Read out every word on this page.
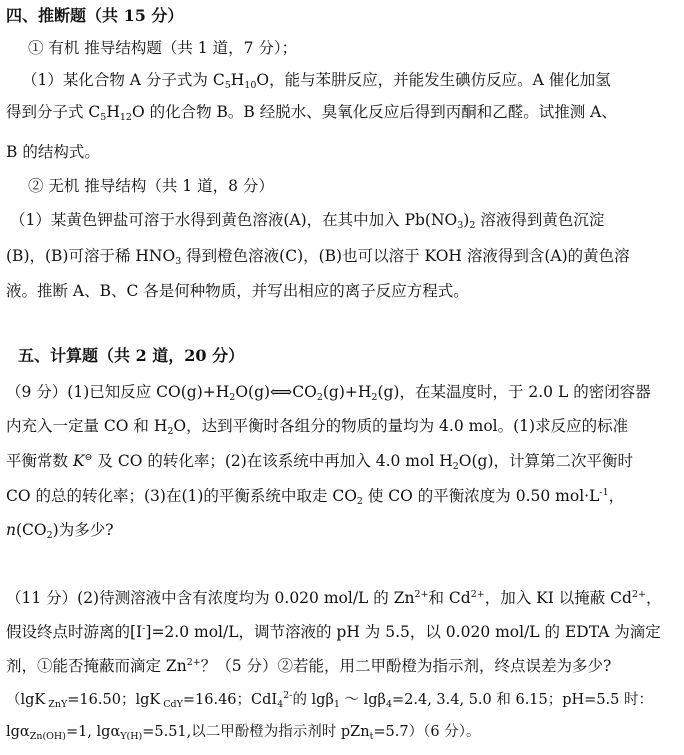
四、推断题（共 15 分）
① 有机 推导结构题（共 1 道，7 分）；
（1）某化合物 A 分子式为 $C_5H_{10}O$，能与苯肼反应，并能发生碘仿反应。A 催化加氢
得到分子式 $C_5H_{12}O$ 的化合物 B。B 经脱水、臭氧化反应后得到丙酮和乙醛。试推测 A、
B 的结构式。
② 无机 推导结构（共 1 道，8 分）
（1）某黄色钾盐可溶于水得到黄色溶液(A)，在其中加入 $Pb(NO_3)_2$ 溶液得到黄色沉淀
(B)，(B)可溶于稀 $HNO_3$ 得到橙色溶液(C)，(B)也可以溶于 KOH 溶液得到含(A)的黄色溶
液。推断 A、B、C 各是何种物质，并写出相应的离子反应方程式。
五、计算题（共 2 道，20 分）
（9 分）(1)已知反应 $CO(g)+H_2O(g)⟺CO_2(g)+H_2(g)$，在某温度时，于 2.0 L 的密闭容器
内充入一定量 CO 和 $H_2O$，达到平衡时各组分的物质的量均为 4.0 mol。(1)求反应的标准
平衡常数 K⊖ 及 CO 的转化率；(2)在该系统中再加入 4.0 mol $H_2O(g)$，计算第二次平衡时
CO 的总的转化率；(3)在(1)的平衡系统中取走 $CO_2$ 使 CO 的平衡浓度为 0.50 $mol\cdot L^{-1}$，
$n(CO_2)$为多少?
（11 分）(2)待测溶液中含有浓度均为 0.020 mol/L 的 $Zn^{2+}$和 $Cd^{2+}$，加入 KI 以掩蔽 $Cd^{2+}$，
假设终点时游离的[I-]=2.0 mol/L，调节溶液的 pH 为 5.5，以 0.020 mol/L 的 EDTA 为滴定
剂，①能否掩蔽而滴定 $Zn^{2+}$？（5 分）②若能，用二甲酚橙为指示剂，终点误差为多少?
（lgK $_{ZnY}$=16.50；lgK $_{CdY}$=16.46；CdI$_4^{2-}$的 lgβ$_1$ ～ lgβ$_4$=2.4, 3.4, 5.0 和 6.15；pH=5.5 时：
lgα$_{Zn(OH)}$=1, lgα$_{Y(H)}$=5.51,以二甲酚橙为指示剂时 pZn$_t$=5.7）（6 分）。
